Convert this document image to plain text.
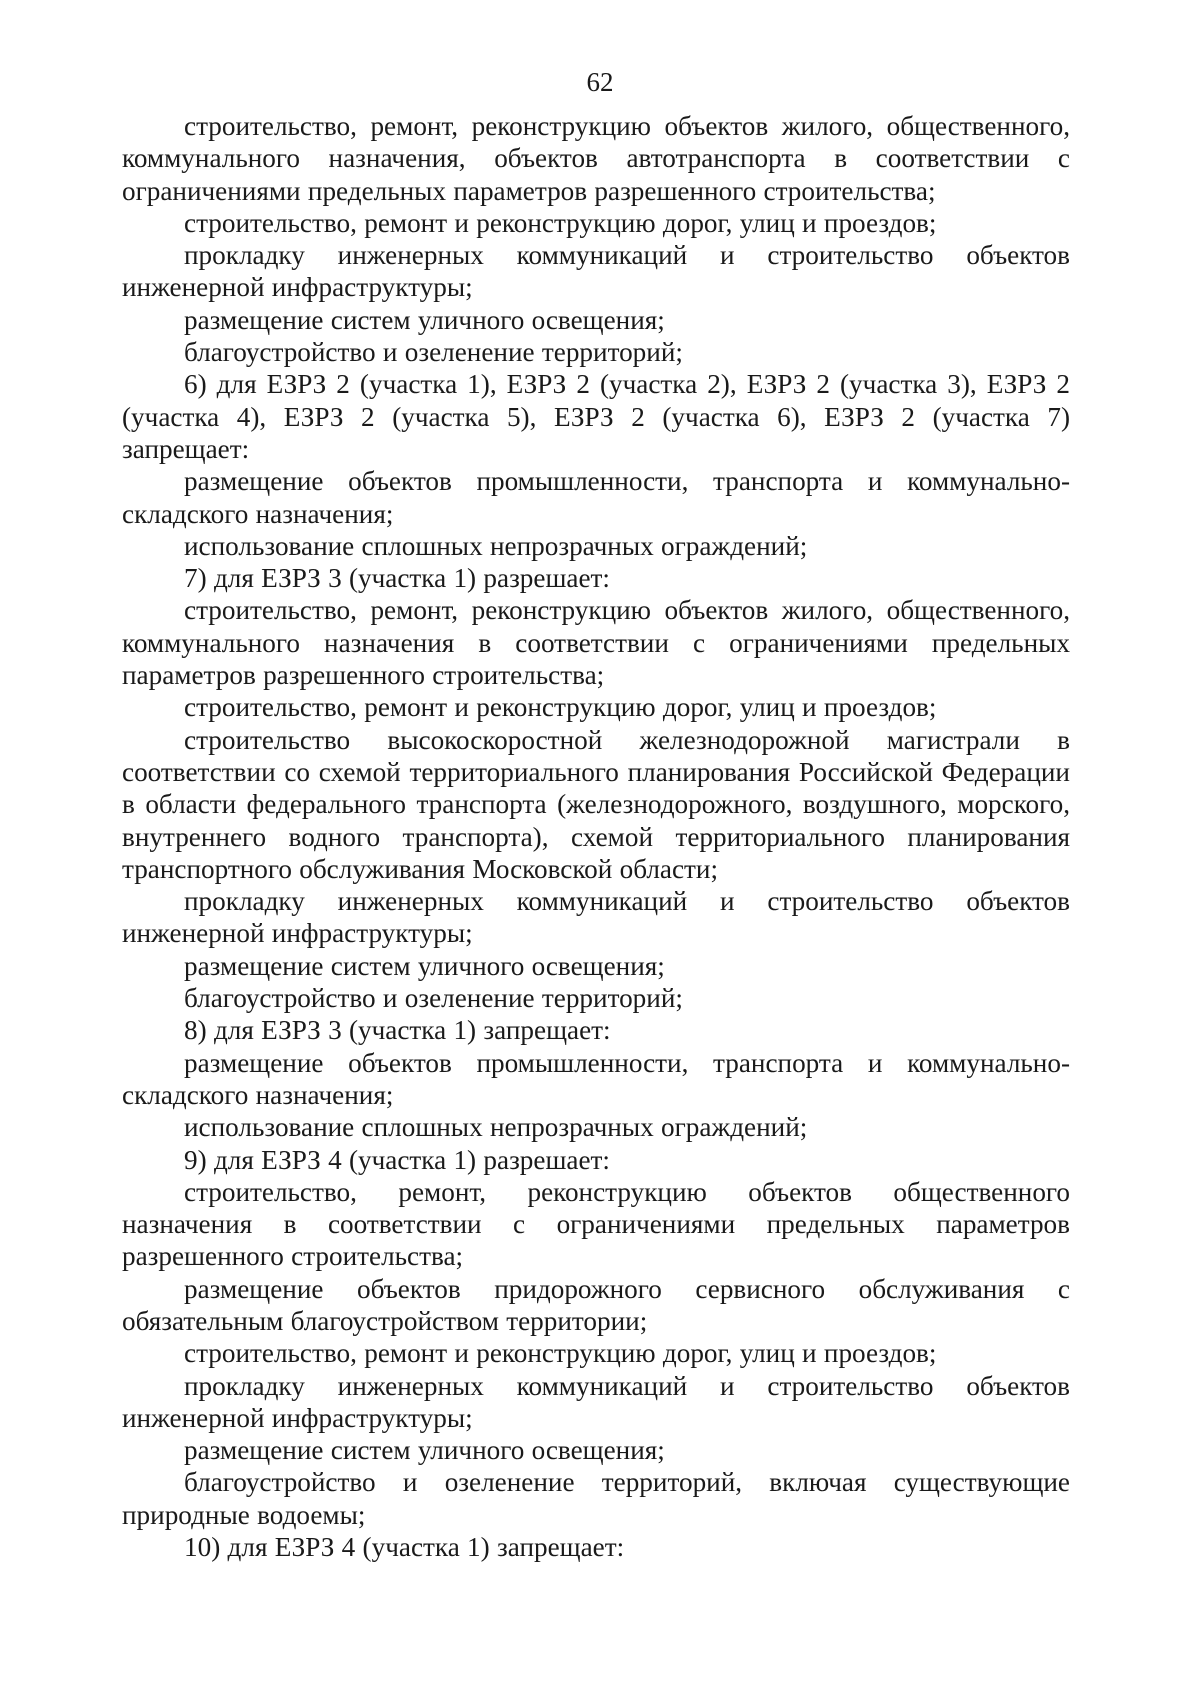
62

строительство, ремонт, реконструкцию объектов жилого, общественного, коммунального назначения, объектов автотранспорта в соответствии с ограничениями предельных параметров разрешенного строительства;

строительство, ремонт и реконструкцию дорог, улиц и проездов;

прокладку инженерных коммуникаций и строительство объектов инженерной инфраструктуры;

размещение систем уличного освещения;

благоустройство и озеленение территорий;

6) для ЕЗРЗ 2 (участка 1), ЕЗРЗ 2 (участка 2), ЕЗРЗ 2 (участка 3), ЕЗРЗ 2 (участка 4), ЕЗРЗ 2 (участка 5), ЕЗРЗ 2 (участка 6), ЕЗРЗ 2 (участка 7) запрещает:

размещение объектов промышленности, транспорта и коммунально-складского назначения;

использование сплошных непрозрачных ограждений;

7) для ЕЗРЗ 3 (участка 1) разрешает:

строительство, ремонт, реконструкцию объектов жилого, общественного, коммунального назначения в соответствии с ограничениями предельных параметров разрешенного строительства;

строительство, ремонт и реконструкцию дорог, улиц и проездов;

строительство высокоскоростной железнодорожной магистрали в соответствии со схемой территориального планирования Российской Федерации в области федерального транспорта (железнодорожного, воздушного, морского, внутреннего водного транспорта), схемой территориального планирования транспортного обслуживания Московской области;

прокладку инженерных коммуникаций и строительство объектов инженерной инфраструктуры;

размещение систем уличного освещения;

благоустройство и озеленение территорий;

8) для ЕЗРЗ 3 (участка 1) запрещает:

размещение объектов промышленности, транспорта и коммунально-складского назначения;

использование сплошных непрозрачных ограждений;

9) для ЕЗРЗ 4 (участка 1) разрешает:

строительство, ремонт, реконструкцию объектов общественного назначения в соответствии с ограничениями предельных параметров разрешенного строительства;

размещение объектов придорожного сервисного обслуживания с обязательным благоустройством территории;

строительство, ремонт и реконструкцию дорог, улиц и проездов;

прокладку инженерных коммуникаций и строительство объектов инженерной инфраструктуры;

размещение систем уличного освещения;

благоустройство и озеленение территорий, включая существующие природные водоемы;

10) для ЕЗРЗ 4 (участка 1) запрещает:
